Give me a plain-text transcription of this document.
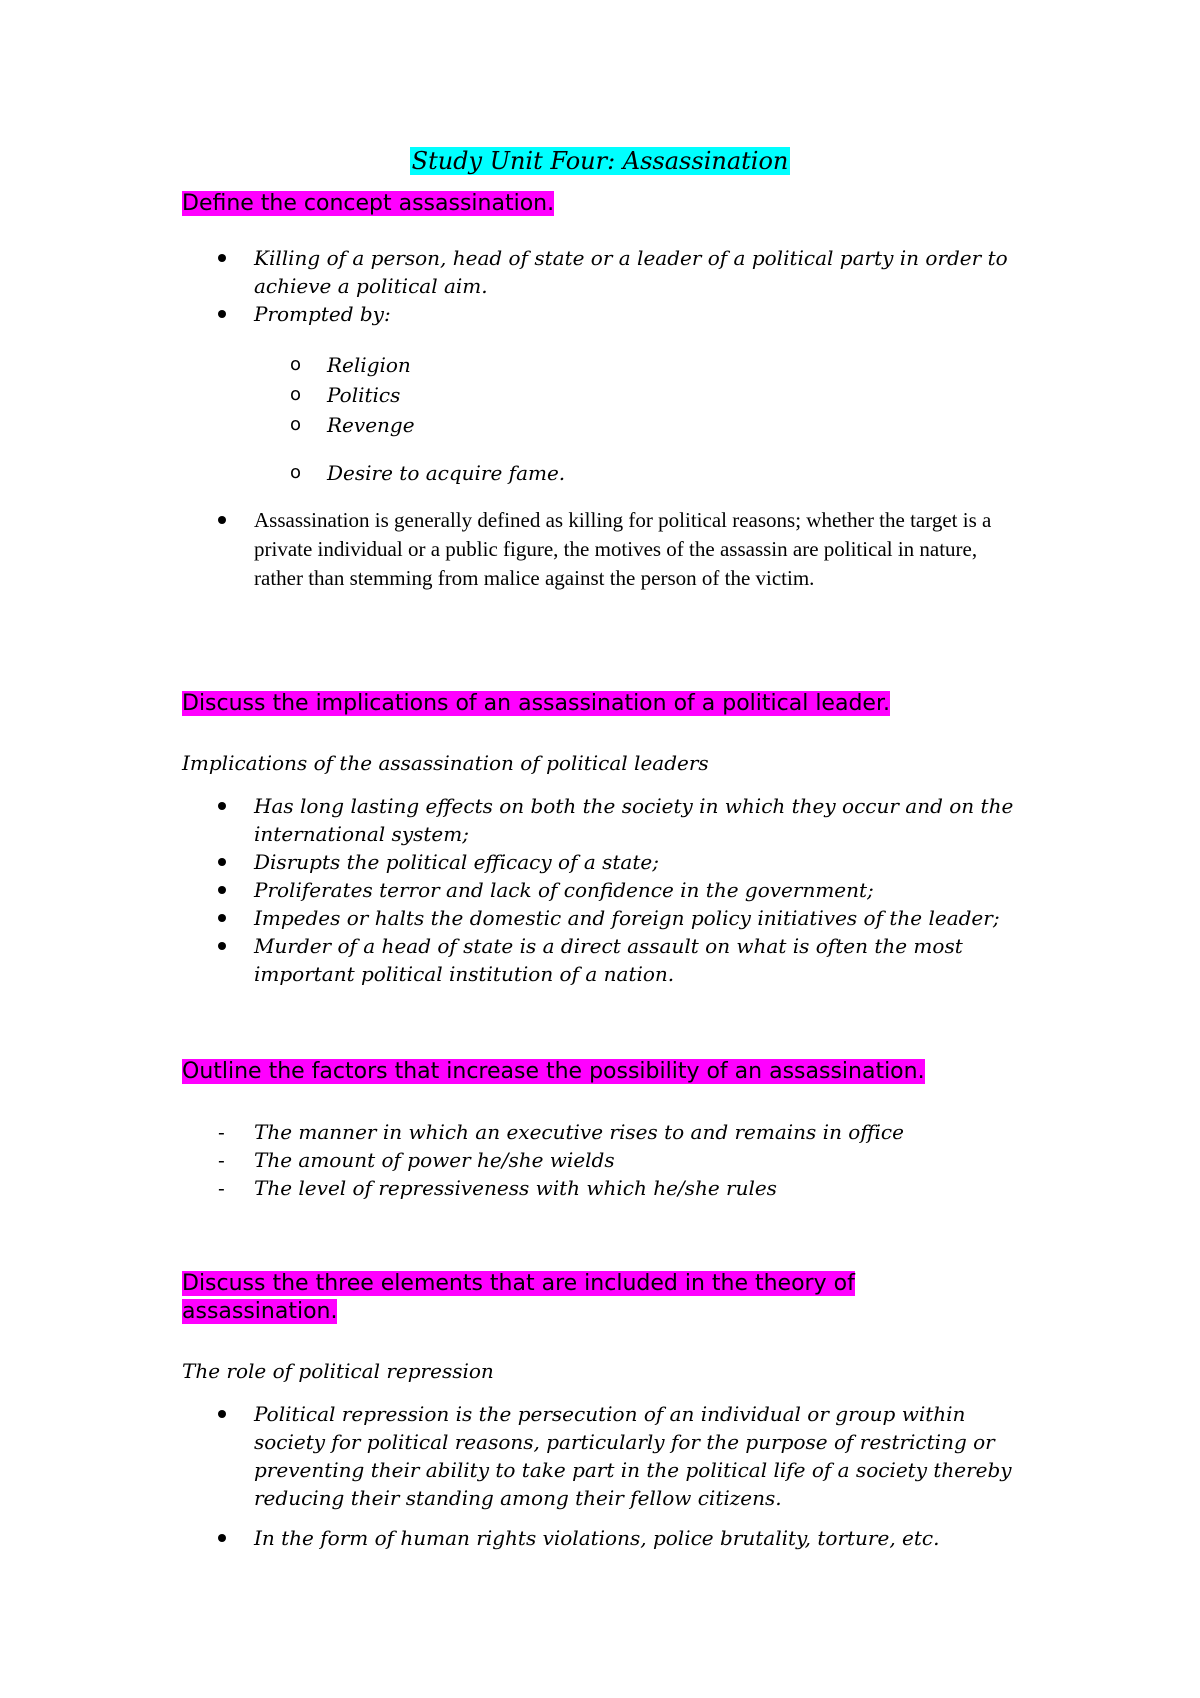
Study Unit Four: Assassination
Define the concept assassination.
Killing of a person, head of state or a leader of a political party in order to achieve a political aim.
Prompted by:
o Religion
o Politics
o Revenge
o Desire to acquire fame.
Assassination is generally defined as killing for political reasons; whether the target is a private individual or a public figure, the motives of the assassin are political in nature, rather than stemming from malice against the person of the victim.
Discuss the implications of an assassination of a political leader.
Implications of the assassination of political leaders
Has long lasting effects on both the society in which they occur and on the international system;
Disrupts the political efficacy of a state;
Proliferates terror and lack of confidence in the government;
Impedes or halts the domestic and foreign policy initiatives of the leader;
Murder of a head of state is a direct assault on what is often the most important political institution of a nation.
Outline the factors that increase the possibility of an assassination.
- The manner in which an executive rises to and remains in office
- The amount of power he/she wields
- The level of repressiveness with which he/she rules
Discuss the three elements that are included in the theory of assassination.
The role of political repression
Political repression is the persecution of an individual or group within society for political reasons, particularly for the purpose of restricting or preventing their ability to take part in the political life of a society thereby reducing their standing among their fellow citizens.
In the form of human rights violations, police brutality, torture, etc.
